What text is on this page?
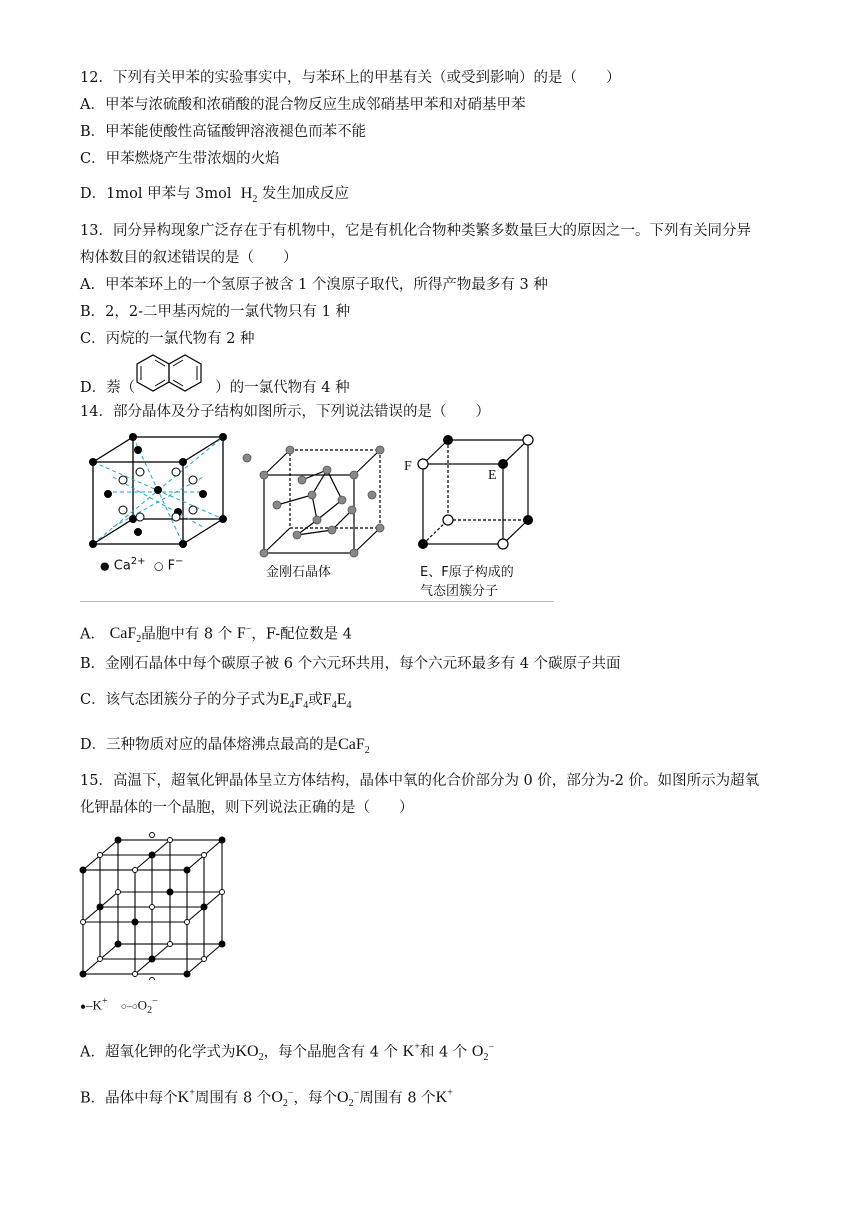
12．下列有关甲苯的实验事实中，与苯环上的甲基有关（或受到影响）的是（　　）
A．甲苯与浓硫酸和浓硝酸的混合物反应生成邻硝基甲苯和对硝基甲苯
B．甲苯能使酸性高锰酸钾溶液褪色而苯不能
C．甲苯燃烧产生带浓烟的火焰
D．1mol 甲苯与 3mol $H_2$ 发生加成反应
13．同分异构现象广泛存在于有机物中，它是有机化合物种类繁多数量巨大的原因之一。下列有关同分异
构体数目的叙述错误的是（　　）
A．甲苯苯环上的一个氢原子被含 1 个溴原子取代，所得产物最多有 3 种
B．2，2-二甲基丙烷的一氯代物只有 1 种
C．丙烷的一氯代物有 2 种
D．萘（	）的一氯代物有 4 种
14．部分晶体及分子结构如图所示，下列说法错误的是（　　）
● $Ca^{2+}$ ○ F−
金刚石晶体
F
E
E、F原子构成的
气态团簇分子
A． CaF$_2$晶胞中有 8 个 F−，F-配位数是 4
B．金刚石晶体中每个碳原子被 6 个六元环共用，每个六元环最多有 4 个碳原子共面
C．该气态团簇分子的分子式为$E_4F_4$或$F_4E_4$
D．三种物质对应的晶体熔沸点最高的是CaF$_2$
15．高温下，超氧化钾晶体呈立方体结构，晶体中氧的化合价部分为 0 价，部分为-2 价。如图所示为超氧
化钾晶体的一个晶胞，则下列说法正确的是（　　）
●–K+ $○-○O_2^-$
A．超氧化钾的化学式为$KO_2$，每个晶胞含有 4 个 K+和 4 个 $O_2^-$
B．晶体中每个K+周围有 8 个$O_2^-$，每个$O_2^-$周围有 8 个K+
